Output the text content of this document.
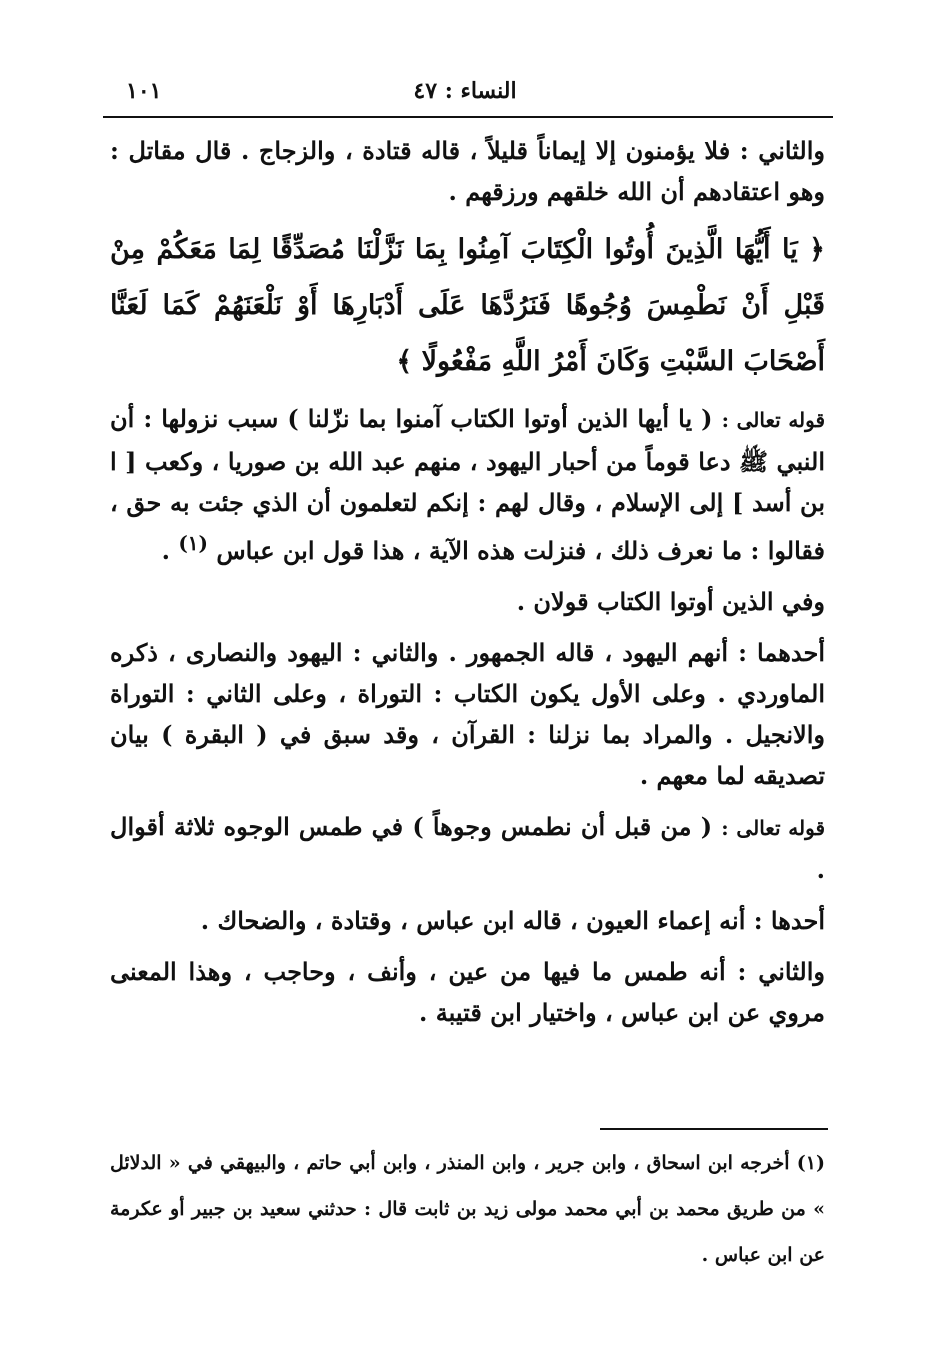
١٠١	النساء : ٤٧

والثاني : فلا يؤمنون إلا إيماناً قليلاً ، قاله قتادة ، والزجاج . قال مقاتل : وهو اعتقادهم أن الله خلقهم ورزقهم .

﴿ يَا أَيُّهَا الَّذِينَ أُوتُوا الْكِتَابَ آمِنُوا بِمَا نَزَّلْنَا مُصَدِّقًا لِمَا مَعَكُمْ مِنْ قَبْلِ أَنْ نَطْمِسَ وُجُوهًا فَنَرُدَّهَا عَلَى أَدْبَارِهَا أَوْ نَلْعَنَهُمْ كَمَا لَعَنَّا أَصْحَابَ السَّبْتِ وَكَانَ أَمْرُ اللَّهِ مَفْعُولًا ﴾

قوله تعالى : ( يا أيها الذين أوتوا الكتاب آمنوا بما نزّلنا ) سبب نزولها : أن النبي ﷺ دعا قوماً من أحبار اليهود ، منهم عبد الله بن صوريا ، وكعب [ ا بن أسد ] إلى الإسلام ، وقال لهم : إنكم لتعلمون أن الذي جئت به حق ، فقالوا : ما نعرف ذلك ، فنزلت هذه الآية ، هذا قول ابن عباس $^{(١)}$ .

وفي الذين أوتوا الكتاب قولان .

أحدهما : أنهم اليهود ، قاله الجمهور . والثاني : اليهود والنصارى ، ذكره الماوردي . وعلى الأول يكون الكتاب : التوراة ، وعلى الثاني : التوراة والانجيل . والمراد بما نزلنا : القرآن ، وقد سبق في ( البقرة ) بيان تصديقه لما معهم .

قوله تعالى : ( من قبل أن نطمس وجوهاً ) في طمس الوجوه ثلاثة أقوال .

أحدها : أنه إعماء العيون ، قاله ابن عباس ، وقتادة ، والضحاك .

والثاني : أنه طمس ما فيها من عين ، وأنف ، وحاجب ، وهذا المعنى مروي عن ابن عباس ، واختيار ابن قتيبة .

(١) أخرجه ابن اسحاق ، وابن جرير ، وابن المنذر ، وابن أبي حاتم ، والبيهقي في « الدلائل » من طريق محمد بن أبي محمد مولى زيد بن ثابت قال : حدثني سعيد بن جبير أو عكرمة عن ابن عباس .
